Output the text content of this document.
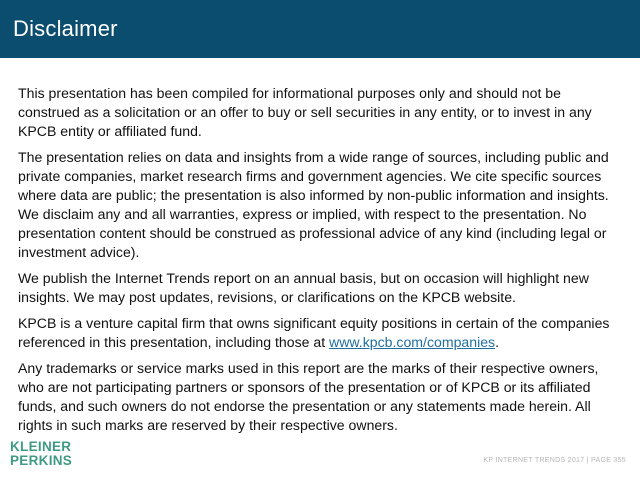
Disclaimer

This presentation has been compiled for informational purposes only and should not be construed as a solicitation or an offer to buy or sell securities in any entity, or to invest in any KPCB entity or affiliated fund.

The presentation relies on data and insights from a wide range of sources, including public and private companies, market research firms and government agencies. We cite specific sources where data are public; the presentation is also informed by non-public information and insights. We disclaim any and all warranties, express or implied, with respect to the presentation. No presentation content should be construed as professional advice of any kind (including legal or investment advice).

We publish the Internet Trends report on an annual basis, but on occasion will highlight new insights. We may post updates, revisions, or clarifications on the KPCB website.

KPCB is a venture capital firm that owns significant equity positions in certain of the companies referenced in this presentation, including those at www.kpcb.com/companies.

Any trademarks or service marks used in this report are the marks of their respective owners, who are not participating partners or sponsors of the presentation or of KPCB or its affiliated funds, and such owners do not endorse the presentation or any statements made herein. All rights in such marks are reserved by their respective owners.

KLEINER
PERKINS	KP INTERNET TRENDS 2017 | PAGE 355
